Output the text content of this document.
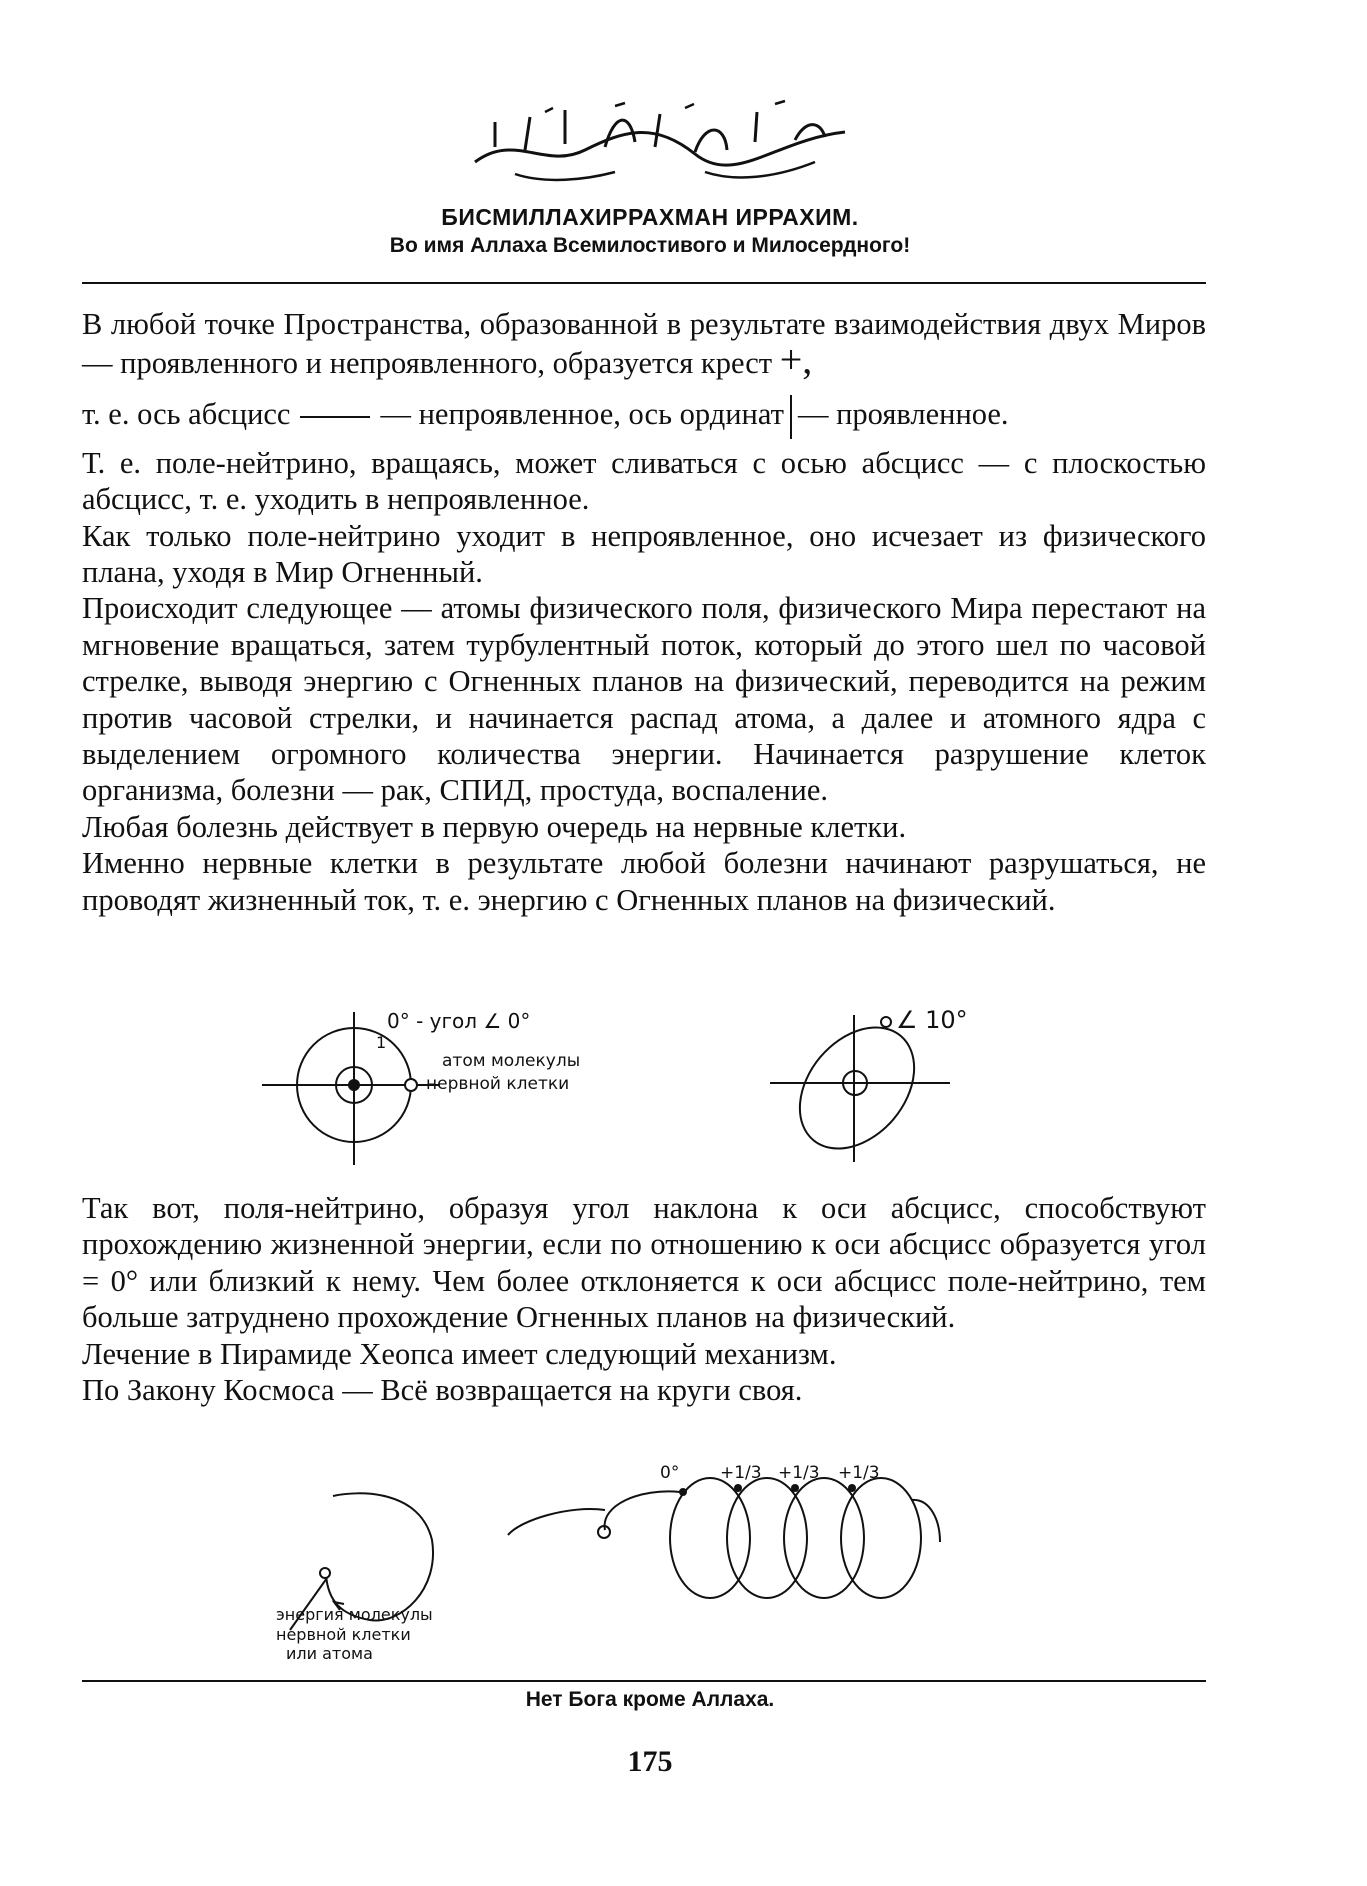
بِسْمِ ٱللَّٰهِ ٱلرَّحْمَٰنِ ٱلرَّحِيمِ
БИСМИЛЛАХИРРАХМАН ИРРАХИМ.
Во имя Аллаха Всемилостивого и Милосердного!

В любой точке Пространства, образованной в результате взаимодействия двух Миров — проявленного и непроявленного, образуется крест +,

т. е. ось абсцисс	— непроявленное, ось ординат — проявленное.

Т. е. поле-нейтрино, вращаясь, может сливаться с осью абсцисс — с плоскостью абсцисс, т. е. уходить в непроявленное.

Как только поле-нейтрино уходит в непроявленное, оно исчезает из физического плана, уходя в Мир Огненный.

Происходит следующее — атомы физического поля, физического Мира перестают на мгновение вращаться, затем турбулентный поток, который до этого шел по часовой стрелке, выводя энергию с Огненных планов на физический, переводится на режим против часовой стрелки, и начинается распад атома, а далее и атомного ядра с выделением огромного количества энергии. Начинается разрушение клеток организма, болезни — рак, СПИД, простуда, воспаление.

Любая болезнь действует в первую очередь на нервные клетки.

Именно нервные клетки в результате любой болезни начинают разрушаться, не проводят жизненный ток, т. е. энергию с Огненных планов на физический.

0° - угол ∠ 0°
1
атом молекулы
нервной клетки
∠ 10°

Так вот, поля-нейтрино, образуя угол наклона к оси абсцисс, способствуют прохождению жизненной энергии, если по отношению к оси абсцисс образуется угол = 0° или близкий к нему. Чем более отклоняется к оси абсцисс поле-нейтрино, тем больше затруднено прохождение Огненных планов на физический.

Лечение в Пирамиде Хеопса имеет следующий механизм.

По Закону Космоса — Всё возвращается на круги своя.

энергия молекулы
нервной клетки
или атома
0° +1/3 +1/3 +1/3
Нет Бога кроме Аллаха.
175
